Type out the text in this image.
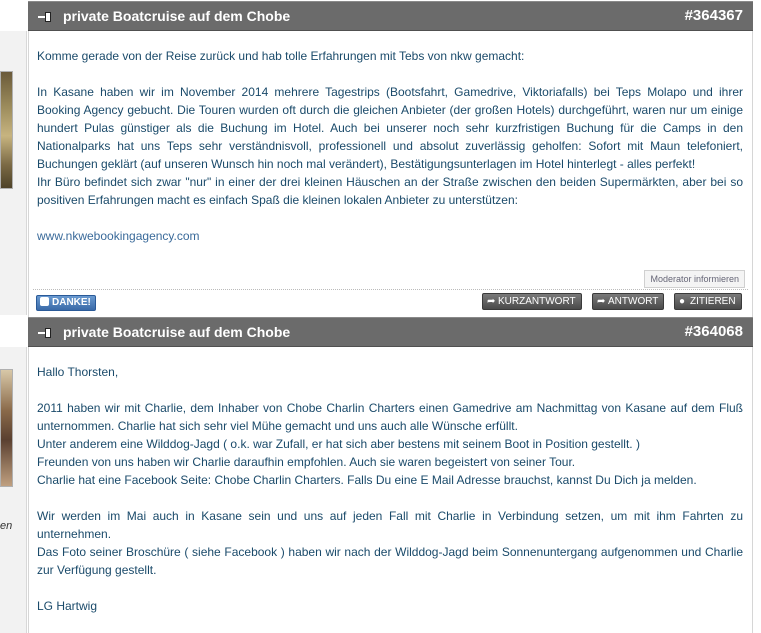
en
private Boatcruise auf dem Chobe	#364367

Komme gerade von der Reise zurück und hab tolle Erfahrungen mit Tebs von nkw gemacht:

In Kasane haben wir im November 2014 mehrere Tagestrips (Bootsfahrt, Gamedrive, Viktoriafalls) bei Teps Molapo und ihrer Booking Agency gebucht. Die Touren wurden oft durch die gleichen Anbieter (der großen Hotels) durchgeführt, waren nur um einige hundert Pulas günstiger als die Buchung im Hotel. Auch bei unserer noch sehr kurzfristigen Buchung für die Camps in den Nationalparks hat uns Teps sehr verständnisvoll, professionell und absolut zuverlässig geholfen: Sofort mit Maun telefoniert, Buchungen geklärt (auf unseren Wunsch hin noch mal verändert), Bestätigungsunterlagen im Hotel hinterlegt - alles perfekt!

Ihr Büro befindet sich zwar "nur" in einer der drei kleinen Häuschen an der Straße zwischen den beiden Supermärkten, aber bei so positiven Erfahrungen macht es einfach Spaß die kleinen lokalen Anbieter zu unterstützen:

www.nkwebookingagency.com

Moderator informieren
DANKE!	➦ KURZANTWORT	➦ ANTWORT	● ZITIEREN
private Boatcruise auf dem Chobe	#364068

Hallo Thorsten,

2011 haben wir mit Charlie, dem Inhaber von Chobe Charlin Charters einen Gamedrive am Nachmittag von Kasane auf dem Fluß unternommen. Charlie hat sich sehr viel Mühe gemacht und uns auch alle Wünsche erfüllt.

Unter anderem eine Wilddog-Jagd ( o.k. war Zufall, er hat sich aber bestens mit seinem Boot in Position gestellt. )

Freunden von uns haben wir Charlie daraufhin empfohlen. Auch sie waren begeistert von seiner Tour.

Charlie hat eine Facebook Seite: Chobe Charlin Charters. Falls Du eine E Mail Adresse brauchst, kannst Du Dich ja melden.

Wir werden im Mai auch in Kasane sein und uns auf jeden Fall mit Charlie in Verbindung setzen, um mit ihm Fahrten zu unternehmen.

Das Foto seiner Broschüre ( siehe Facebook ) haben wir nach der Wilddog-Jagd beim Sonnenuntergang aufgenommen und Charlie zur Verfügung gestellt.

LG Hartwig
